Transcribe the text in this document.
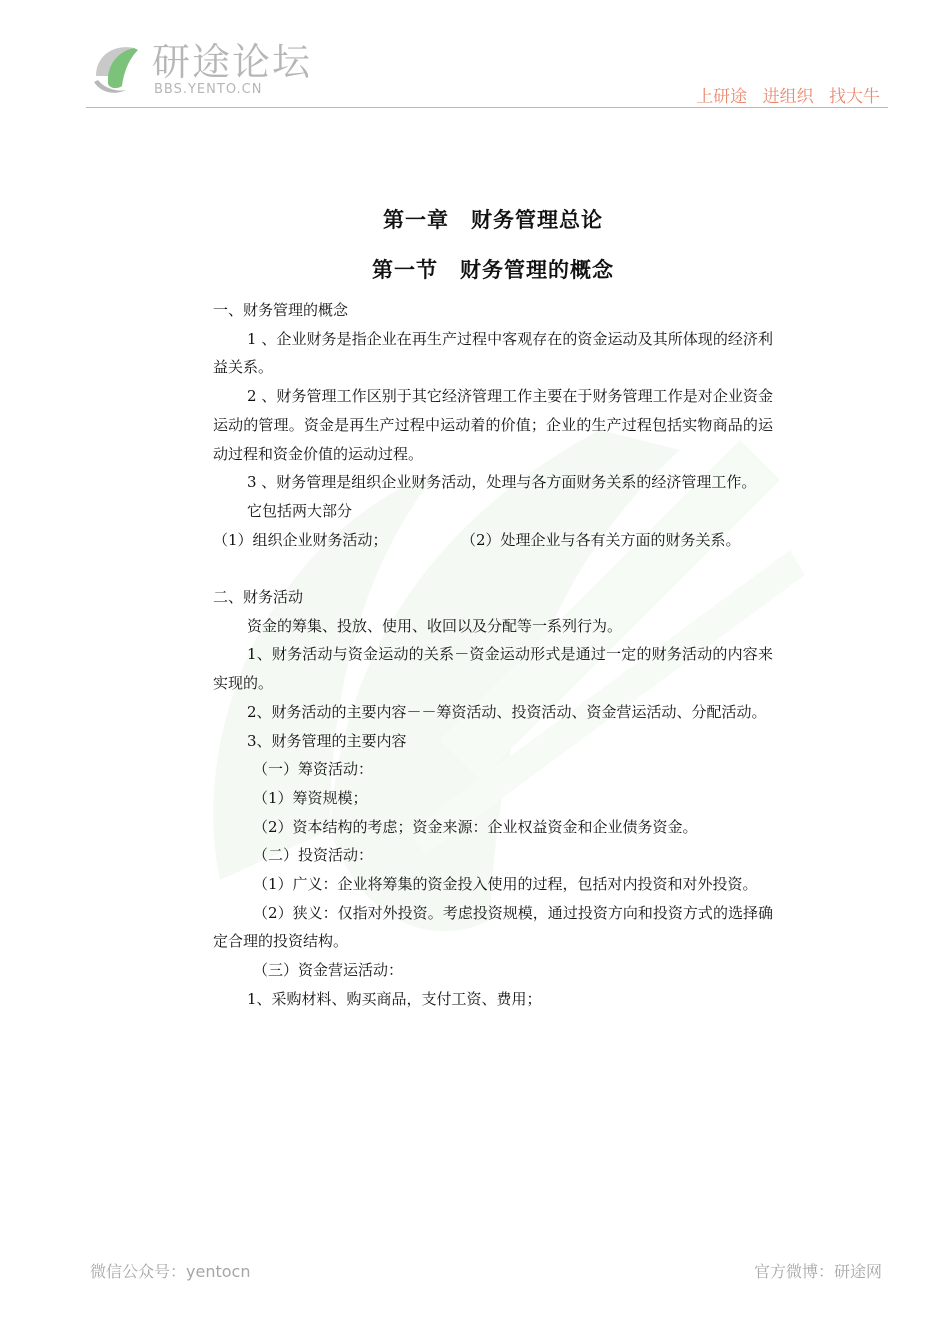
研途论坛
BBS.YENTO.CN	上研途 进组织 找大牛
第一章　财务管理总论
第一节　财务管理的概念

一、财务管理的概念

1 、企业财务是指企业在再生产过程中客观存在的资金运动及其所体现的经济利益关系。

2 、财务管理工作区别于其它经济管理工作主要在于财务管理工作是对企业资金运动的管理。资金是再生产过程中运动着的价值；企业的生产过程包括实物商品的运动过程和资金价值的运动过程。

3 、财务管理是组织企业财务活动，处理与各方面财务关系的经济管理工作。

它包括两大部分

（1）组织企业财务活动；	（2）处理企业与各有关方面的财务关系。

二、财务活动

资金的筹集、投放、使用、收回以及分配等一系列行为。

1、财务活动与资金运动的关系－资金运动形式是通过一定的财务活动的内容来实现的。

2、财务活动的主要内容－－筹资活动、投资活动、资金营运活动、分配活动。

3、财务管理的主要内容

（一）筹资活动：

（1）筹资规模；

（2）资本结构的考虑；资金来源：企业权益资金和企业债务资金。

（二）投资活动：

（1）广义：企业将筹集的资金投入使用的过程，包括对内投资和对外投资。

（2）狭义：仅指对外投资。考虑投资规模，通过投资方向和投资方式的选择确定合理的投资结构。

（三）资金营运活动：

1、采购材料、购买商品，支付工资、费用；

微信公众号：yentocn	官方微博：研途网
